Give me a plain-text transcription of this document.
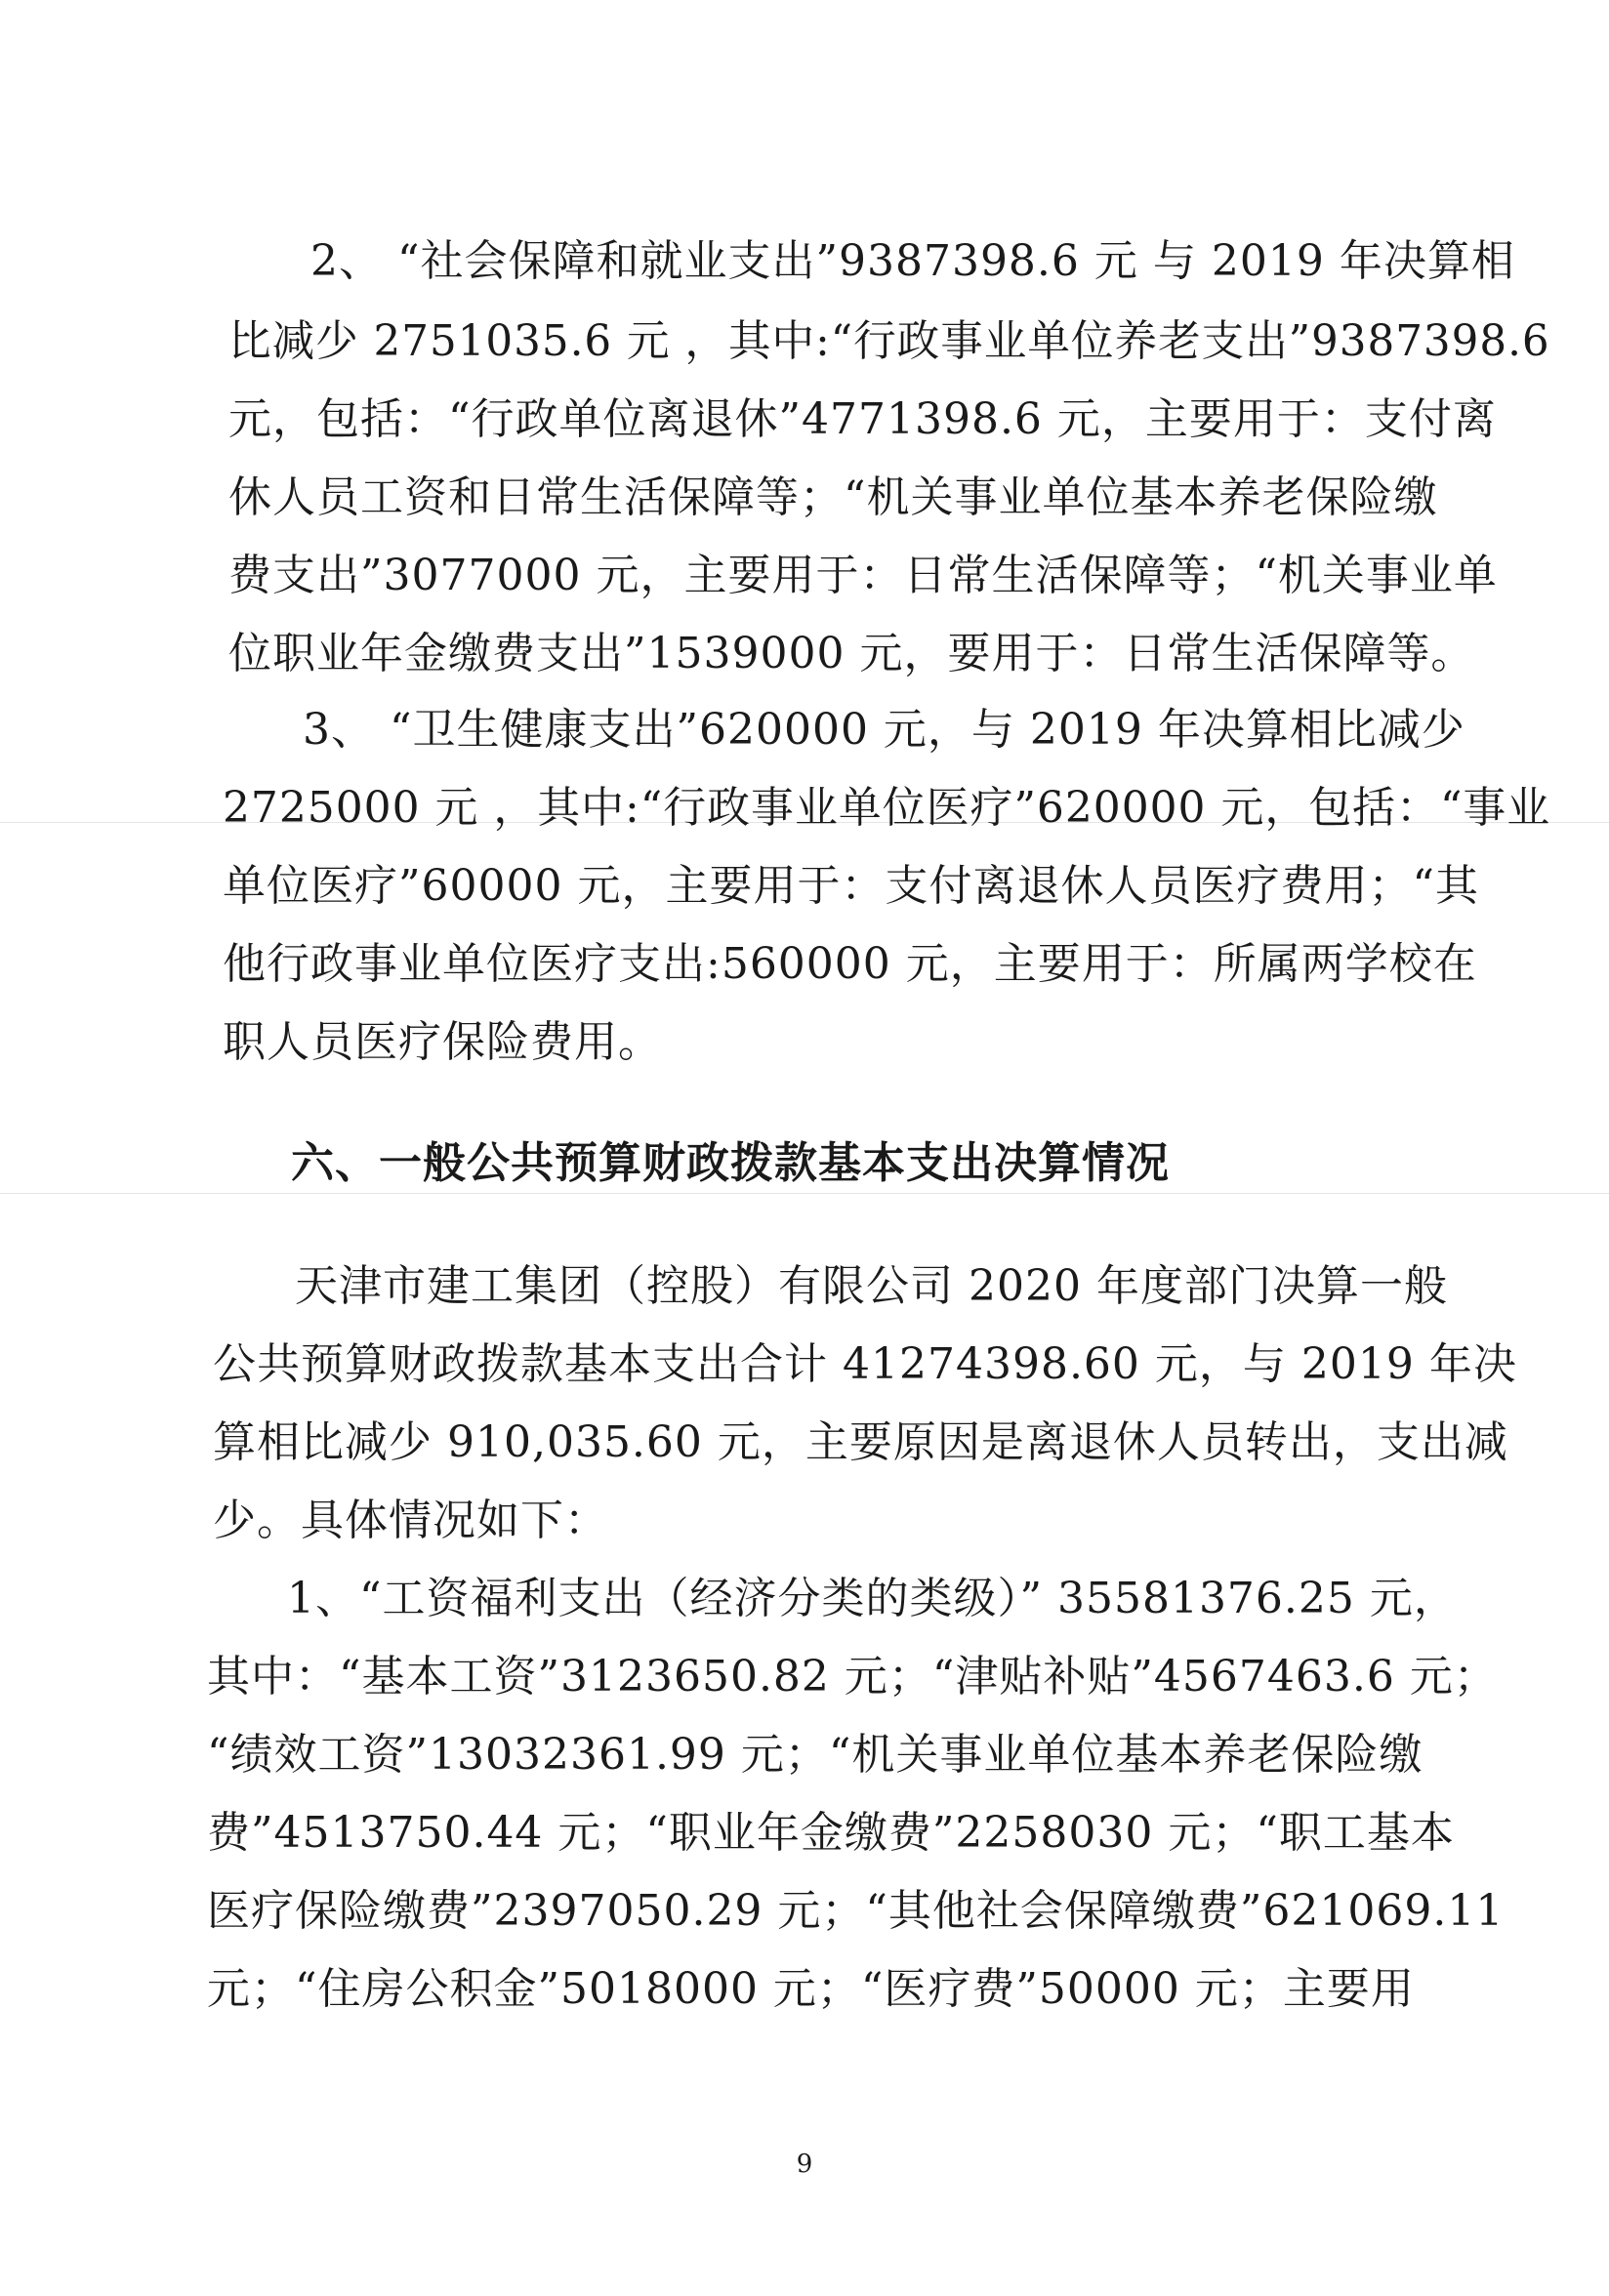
2、 “社会保障和就业支出”9387398.6 元 与 2019 年决算相
比减少 2751035.6 元 ，其中:“行政事业单位养老支出”9387398.6
元，包括：“行政单位离退休”4771398.6 元，主要用于：支付离
休人员工资和日常生活保障等；“机关事业单位基本养老保险缴
费支出”3077000 元，主要用于：日常生活保障等；“机关事业单
位职业年金缴费支出”1539000 元，要用于：日常生活保障等。
3、 “卫生健康支出”620000 元，与 2019 年决算相比减少
2725000 元 ，其中:“行政事业单位医疗”620000 元，包括：“事业
单位医疗”60000 元，主要用于：支付离退休人员医疗费用；“其
他行政事业单位医疗支出:560000 元，主要用于：所属两学校在
职人员医疗保险费用。
六、一般公共预算财政拨款基本支出决算情况
天津市建工集团（控股）有限公司 2020 年度部门决算一般
公共预算财政拨款基本支出合计 41274398.60 元，与 2019 年决
算相比减少 910,035.60 元，主要原因是离退休人员转出，支出减
少。具体情况如下：
1、“工资福利支出（经济分类的类级）” 35581376.25 元，
其中：“基本工资”3123650.82 元；“津贴补贴”4567463.6 元；
“绩效工资”13032361.99 元；“机关事业单位基本养老保险缴
费”4513750.44 元；“职业年金缴费”2258030 元；“职工基本
医疗保险缴费”2397050.29 元；“其他社会保障缴费”621069.11
元；“住房公积金”5018000 元；“医疗费”50000 元；主要用
9
